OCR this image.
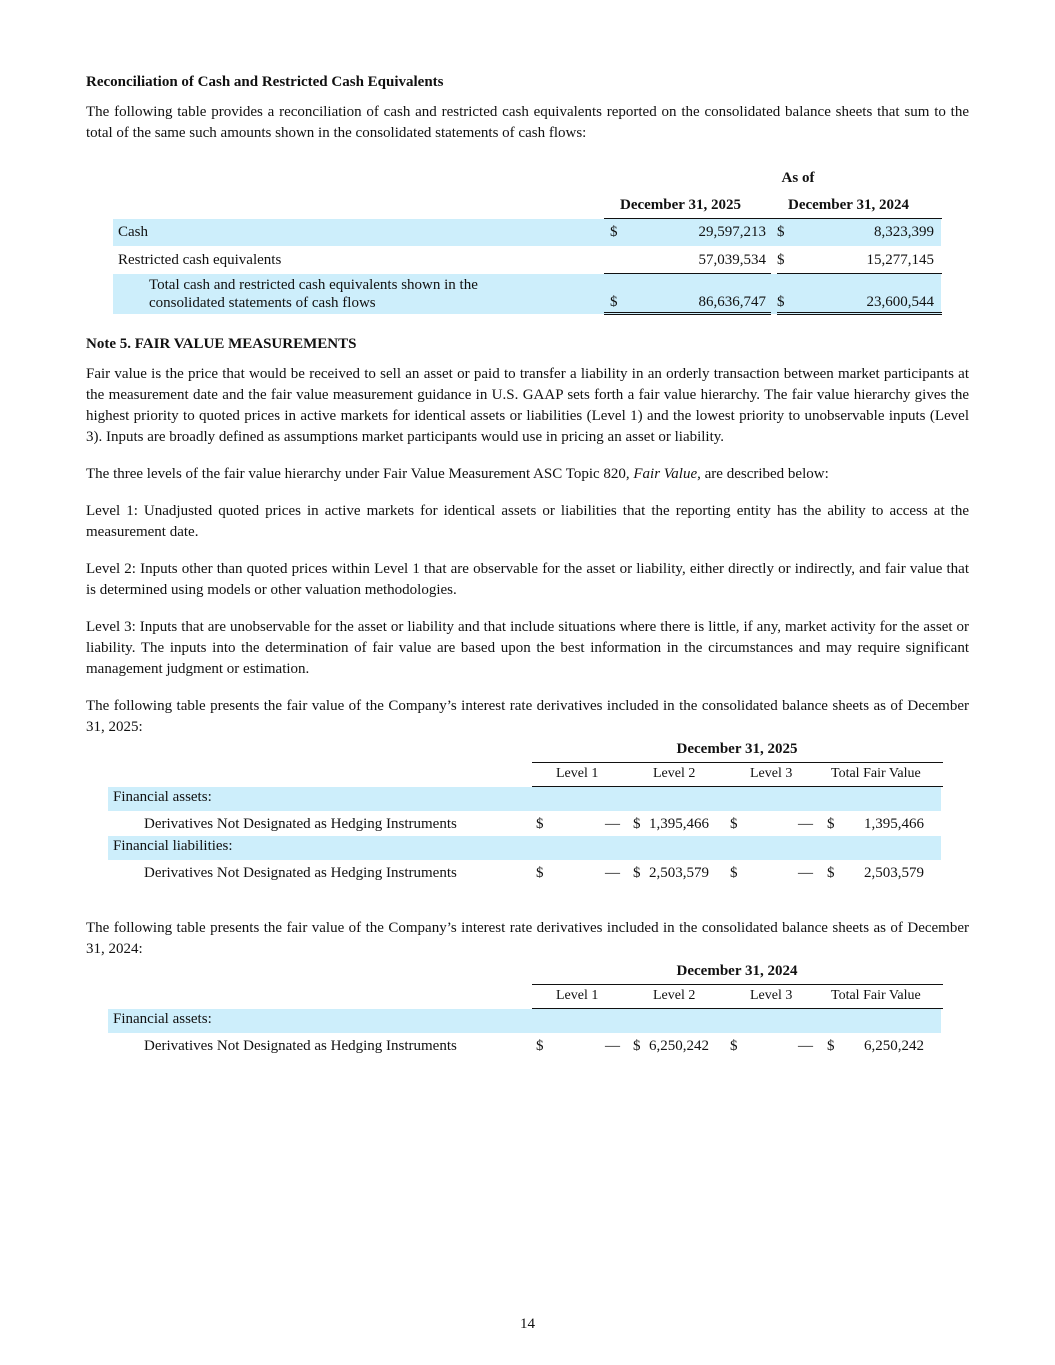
Reconciliation of Cash and Restricted Cash Equivalents

The following table provides a reconciliation of cash and restricted cash equivalents reported on the consolidated balance sheets that sum to the total of the same such amounts shown in the consolidated statements of cash flows:

As of
December 31, 2025	December 31, 2024
Cash	$	29,597,213 $	8,323,399
Restricted cash equivalents	57,039,534 $	15,277,145
Total cash and restricted cash equivalents shown in the
consolidated statements of cash flows	$	86,636,747 $	23,600,544
Note 5. FAIR VALUE MEASUREMENTS

Fair value is the price that would be received to sell an asset or paid to transfer a liability in an orderly transaction between market participants at the measurement date and the fair value measurement guidance in U.S. GAAP sets forth a fair value hierarchy. The fair value hierarchy gives the highest priority to quoted prices in active markets for identical assets or liabilities (Level 1) and the lowest priority to unobservable inputs (Level 3). Inputs are broadly defined as assumptions market participants would use in pricing an asset or liability.

The three levels of the fair value hierarchy under Fair Value Measurement ASC Topic 820, Fair Value, are described below:

Level 1: Unadjusted quoted prices in active markets for identical assets or liabilities that the reporting entity has the ability to access at the measurement date.

Level 2: Inputs other than quoted prices within Level 1 that are observable for the asset or liability, either directly or indirectly, and fair value that is determined using models or other valuation methodologies.

Level 3: Inputs that are unobservable for the asset or liability and that include situations where there is little, if any, market activity for the asset or liability. The inputs into the determination of fair value are based upon the best information in the circumstances and may require significant management judgment or estimation.

The following table presents the fair value of the Company’s interest rate derivatives included in the consolidated balance sheets as of December 31, 2025:

December 31, 2025
Level 1	Level 2	Level 3	Total Fair Value
Financial assets:
Derivatives Not Designated as Hedging Instruments	$	— $ 1,395,466 $	— $ 1,395,466
Financial liabilities:
Derivatives Not Designated as Hedging Instruments	$	— $ 2,503,579 $	— $ 2,503,579

The following table presents the fair value of the Company’s interest rate derivatives included in the consolidated balance sheets as of December 31, 2024:

December 31, 2024
Level 1	Level 2	Level 3	Total Fair Value
Financial assets:
Derivatives Not Designated as Hedging Instruments	$	— $ 6,250,242 $	— $ 6,250,242
14
